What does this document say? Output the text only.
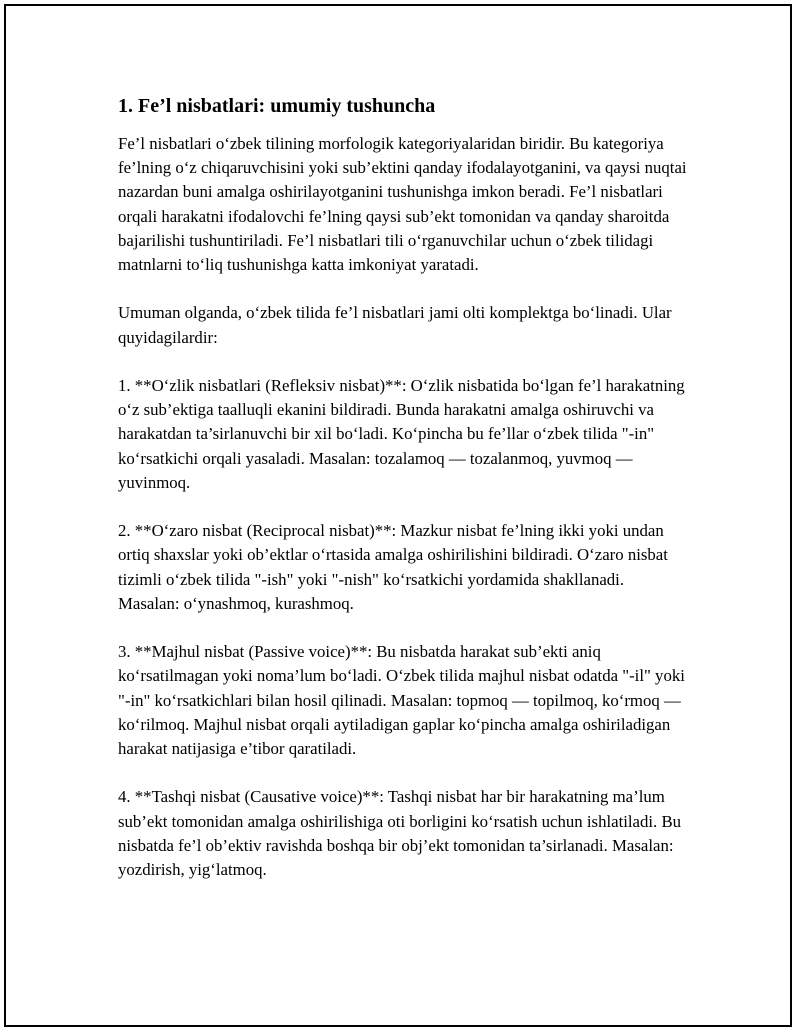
1. Fe’l nisbatlari: umumiy tushuncha

Fe’l nisbatlari o‘zbek tilining morfologik kategoriyalaridan biridir. Bu kategoriya fe’lning o‘z chiqaruvchisini yoki sub’ektini qanday ifodalayotganini, va qaysi nuqtai nazardan buni amalga oshirilayotganini tushunishga imkon beradi. Fe’l nisbatlari orqali harakatni ifodalovchi fe’lning qaysi sub’ekt tomonidan va qanday sharoitda bajarilishi tushuntiriladi. Fe’l nisbatlari tili o‘rganuvchilar uchun o‘zbek tilidagi matnlarni to‘liq tushunishga katta imkoniyat yaratadi.

Umuman olganda, o‘zbek tilida fe’l nisbatlari jami olti komplektga bo‘linadi. Ular quyidagilardir:

1. **O‘zlik nisbatlari (Refleksiv nisbat)**: O‘zlik nisbatida bo‘lgan fe’l harakatning o‘z sub’ektiga taalluqli ekanini bildiradi. Bunda harakatni amalga oshiruvchi va harakatdan ta’sirlanuvchi bir xil bo‘ladi. Ko‘pincha bu fe’llar o‘zbek tilida "-in" ko‘rsatkichi orqali yasaladi. Masalan: tozalamoq — tozalanmoq, yuvmoq — yuvinmoq.

2. **O‘zaro nisbat (Reciprocal nisbat)**: Mazkur nisbat fe’lning ikki yoki undan ortiq shaxslar yoki ob’ektlar o‘rtasida amalga oshirilishini bildiradi. O‘zaro nisbat tizimli o‘zbek tilida "-ish" yoki "-nish" ko‘rsatkichi yordamida shakllanadi. Masalan: o‘ynashmoq, kurashmoq.

3. **Majhul nisbat (Passive voice)**: Bu nisbatda harakat sub’ekti aniq ko‘rsatilmagan yoki noma’lum bo‘ladi. O‘zbek tilida majhul nisbat odatda "-il" yoki "-in" ko‘rsatkichlari bilan hosil qilinadi. Masalan: topmoq — topilmoq, ko‘rmoq — ko‘rilmoq. Majhul nisbat orqali aytiladigan gaplar ko‘pincha amalga oshiriladigan harakat natijasiga e’tibor qaratiladi.

4. **Tashqi nisbat (Causative voice)**: Tashqi nisbat har bir harakatning ma’lum sub’ekt tomonidan amalga oshirilishiga oti borligini ko‘rsatish uchun ishlatiladi. Bu nisbatda fe’l ob’ektiv ravishda boshqa bir obj’ekt tomonidan ta’sirlanadi. Masalan: yozdirish, yig‘latmoq.
